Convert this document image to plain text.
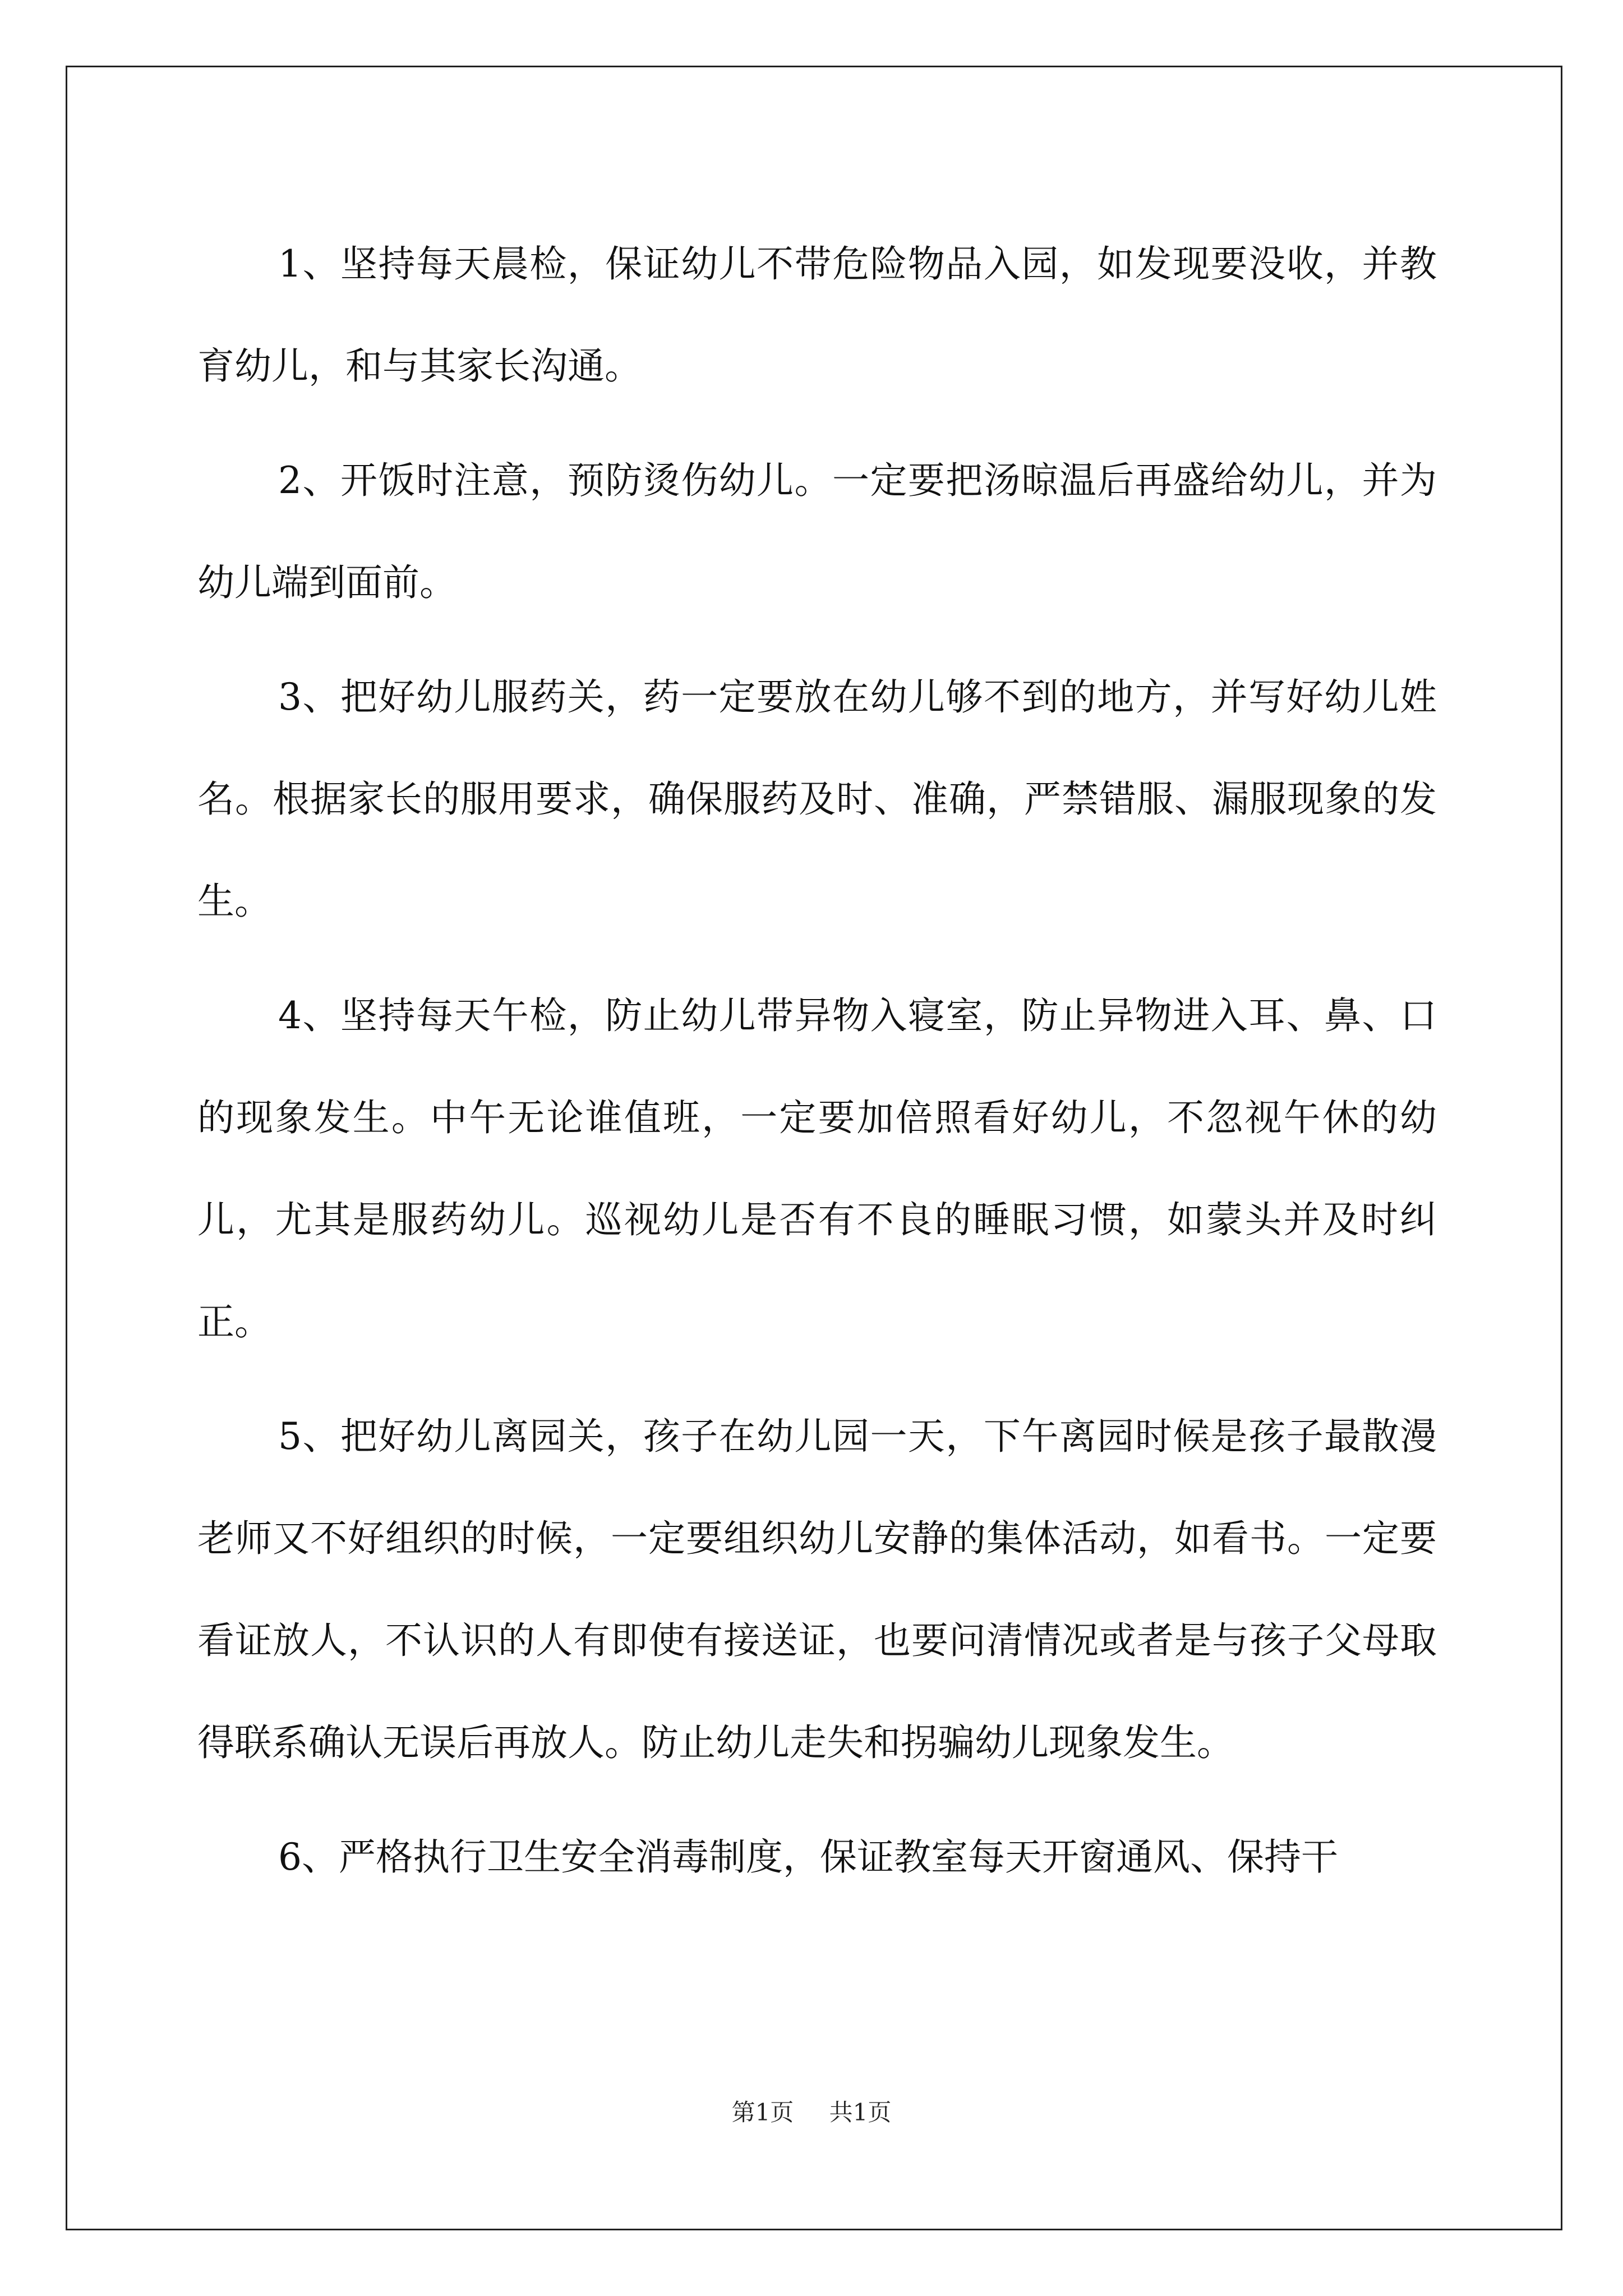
1、坚持每天晨检，保证幼儿不带危险物品入园，如发现要没收，并教育幼儿，和与其家长沟通。

2、开饭时注意，预防烫伤幼儿。一定要把汤晾温后再盛给幼儿，并为幼儿端到面前。

3、把好幼儿服药关，药一定要放在幼儿够不到的地方，并写好幼儿姓名。根据家长的服用要求，确保服药及时、准确，严禁错服、漏服现象的发生。

4、坚持每天午检，防止幼儿带异物入寝室，防止异物进入耳、鼻、口的现象发生。中午无论谁值班，一定要加倍照看好幼儿，不忽视午休的幼儿，尤其是服药幼儿。巡视幼儿是否有不良的睡眠习惯，如蒙头并及时纠正。

5、把好幼儿离园关，孩子在幼儿园一天，下午离园时候是孩子最散漫老师又不好组织的时候，一定要组织幼儿安静的集体活动，如看书。一定要看证放人，不认识的人有即使有接送证，也要问清情况或者是与孩子父母取得联系确认无误后再放人。防止幼儿走失和拐骗幼儿现象发生。

6、严格执行卫生安全消毒制度，保证教室每天开窗通风、保持干

第1页 共1页
